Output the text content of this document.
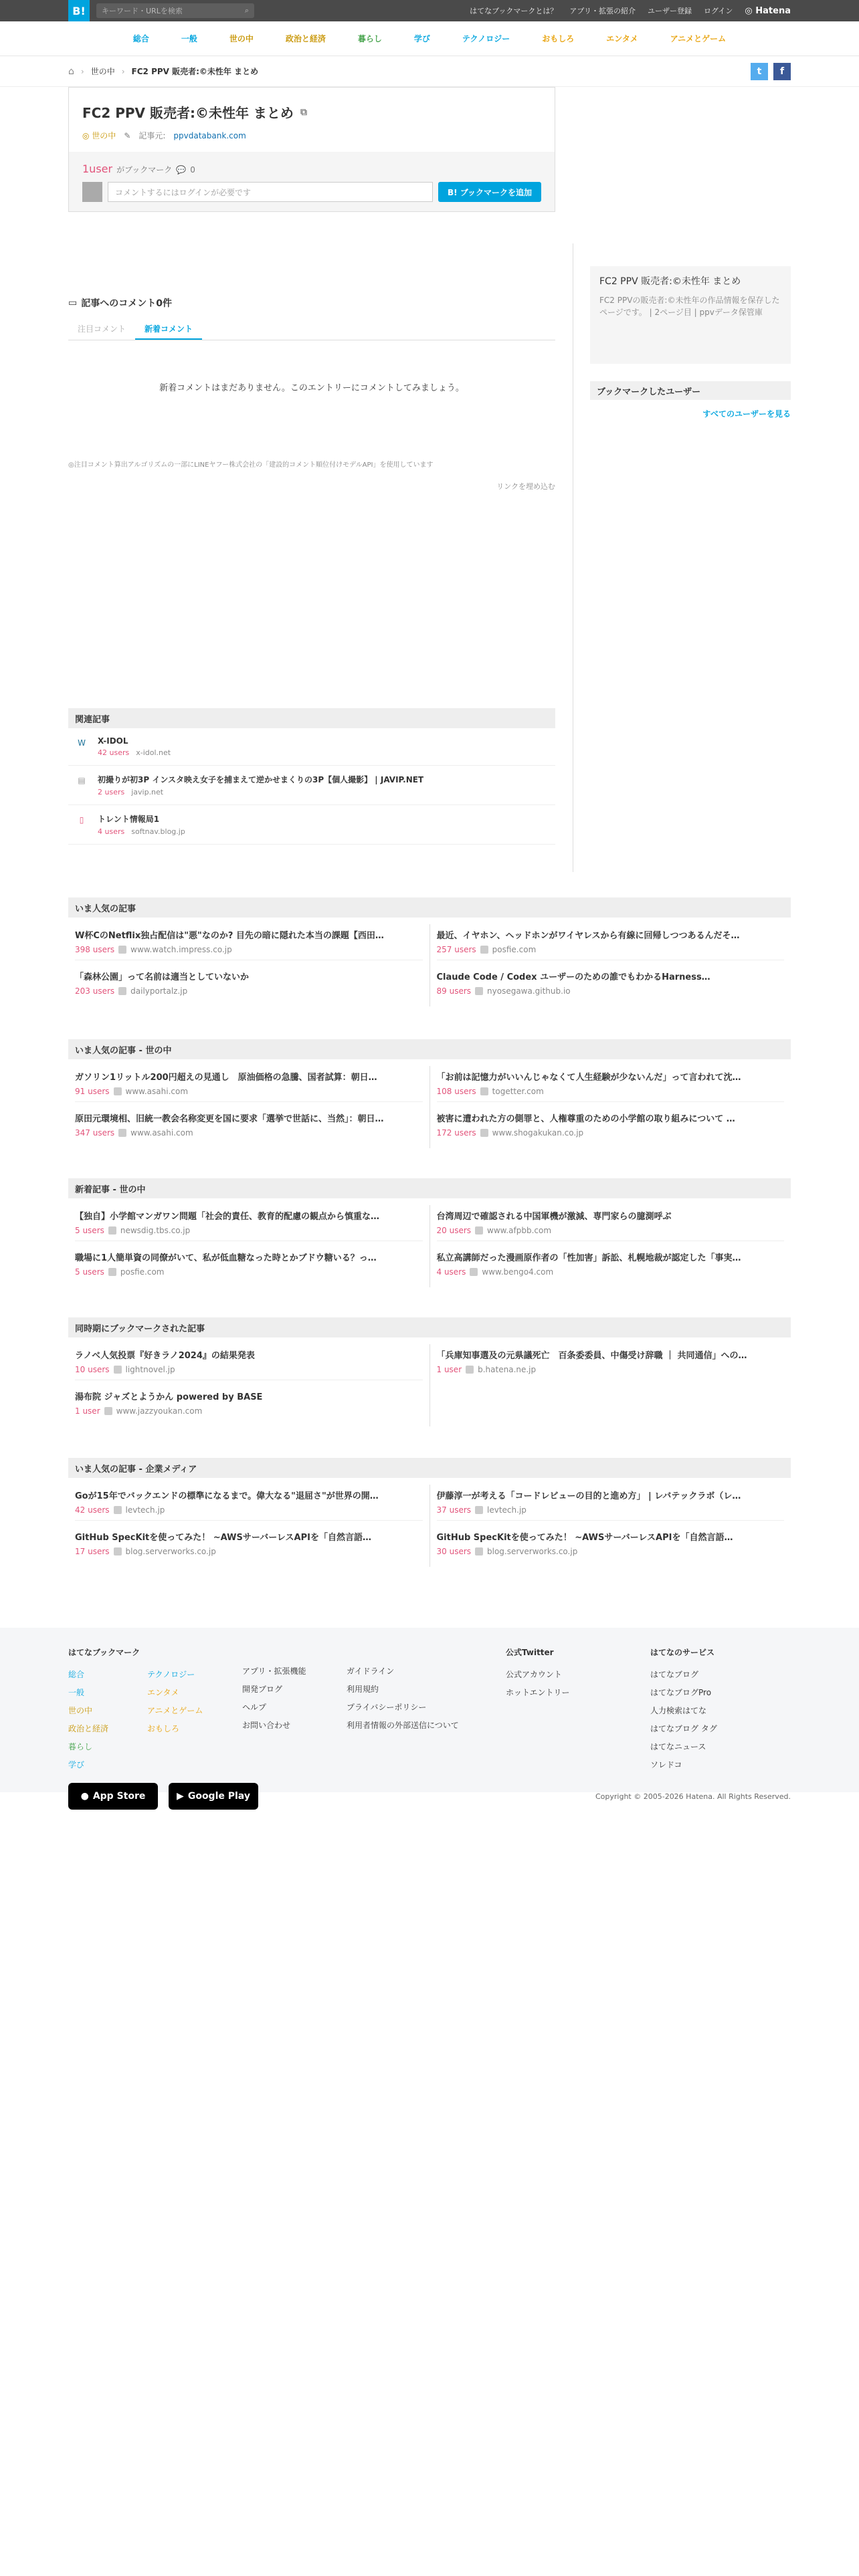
B!	キーワード・URLを検索	⌕	はてなブックマークとは？ アプリ・拡張の紹介 ユーザー登録 ログイン ◎ Hatena
総合	一般	世の中	政治と経済	暮らし	学び	テクノロジー	おもしろ	エンタメ	アニメとゲーム
⌂ › 世の中 › FC2 PPV 販売者:©未性年 まとめ	t	f
FC2 PPV 販売者:©未性年 まとめ ⧉
◎ 世の中 ✎ 記事元: ppvdatabank.com
1user がブックマーク 💬 0
コメントするにはログインが必要です	B! ブックマークを追加
▭ 記事へのコメント0件
注目コメント	新着コメント
新着コメントはまだありません。このエントリーにコメントしてみましょう。
◎注目コメント算出アルゴリズムの一部にLINEヤフー株式会社の「建設的コメント順位付けモデルAPI」を使用しています
リンクを埋め込む
関連記事
W	X-IDOL
42 users x-idol.net
▤	初撮りが初3P インスタ映え女子を捕まえて逆かせまくりの3P【個人撮影】 | JAVIP.NET
2 users javip.net
▯	トレント情報局1
4 users softnav.blog.jp
FC2 PPV 販売者:©未性年 まとめ
FC2 PPVの販売者:©未性年の作品情報を保存したページです。 | 2ページ目 | ppvデータ保管庫
ブックマークしたユーザー
すべてのユーザーを見る
いま人気の記事
W杯CのNetflix独占配信は"悪"なのか? 目先の暗に隠れた本当の課題【西田…
398 users www.watch.impress.co.jp
「森林公園」って名前は適当としていないか
203 users dailyportalz.jp
最近、イヤホン、ヘッドホンがワイヤレスから有線に回帰しつつあるんだそ…
257 users posfie.com
Claude Code / Codex ユーザーのための誰でもわかるHarness…
89 users nyosegawa.github.io
いま人気の記事 - 世の中
ガソリン1リットル200円超えの見通し　原油価格の急騰、国者試算：朝日…
91 users www.asahi.com
原田元環境相、旧統一教会名称変更を国に要求「選挙で世話に、当然」：朝日…
347 users www.asahi.com
「お前は記憶力がいいんじゃなくて人生経験が少ないんだ」って言われて沈…
108 users togetter.com
被害に遭われた方の側罪と、人権尊重のための小学館の取り組みについて …
172 users www.shogakukan.co.jp
新着記事 - 世の中
【独自】小学館マンガワン問題「社会的責任、教育的配慮の観点から慎重な…
5 users newsdig.tbs.co.jp
職場に1人簡単資の同僚がいて、私が低血糖なった時とかブドウ糖いる？っ…
5 users posfie.com
台湾周辺で確認される中国軍機が激減、専門家らの臆測呼ぶ
20 users www.afpbb.com
私立高講師だった漫画原作者の「性加害」訴訟、札幌地裁が認定した「事実…
4 users www.bengo4.com
同時期にブックマークされた記事
ラノベ人気投票『好きラノ2024』の結果発表
10 users lightnovel.jp
湯布院 ジャズとようかん powered by BASE
1 user www.jazzyoukan.com
「兵庫知事選及の元県議死亡　百条委委員、中傷受け辞職 ｜ 共同通信」への…
1 user b.hatena.ne.jp
いま人気の記事 - 企業メディア
Goが15年でバックエンドの標準になるまで。偉大なる"退屈さ"が世界の開…
42 users levtech.jp
GitHub SpecKitを使ってみた！ ~AWSサーバーレスAPIを「自然言語…
17 users blog.serverworks.co.jp
伊藤淳一が考える「コードレビューの目的と進め方」 | レバテックラボ（レ…
37 users levtech.jp
GitHub SpecKitを使ってみた！ ~AWSサーバーレスAPIを「自然言語…
30 users blog.serverworks.co.jp
はてなブックマーク
総合
一般
世の中
政治と経済
暮らし
学び
テクノロジー
エンタメ
アニメとゲーム
おもしろ
アプリ・拡張機能
開発ブログ
ヘルプ
お問い合わせ
ガイドライン
利用規約
プライバシーポリシー
利用者情報の外部送信について
公式Twitter
公式アカウント
ホットエントリー
はてなのサービス
はてなブログ
はてなブログPro
人力検索はてな
はてなブログ タグ
はてなニュース
ソレドコ
● App Store	▶ Google Play	Copyright © 2005-2026 Hatena. All Rights Reserved.
